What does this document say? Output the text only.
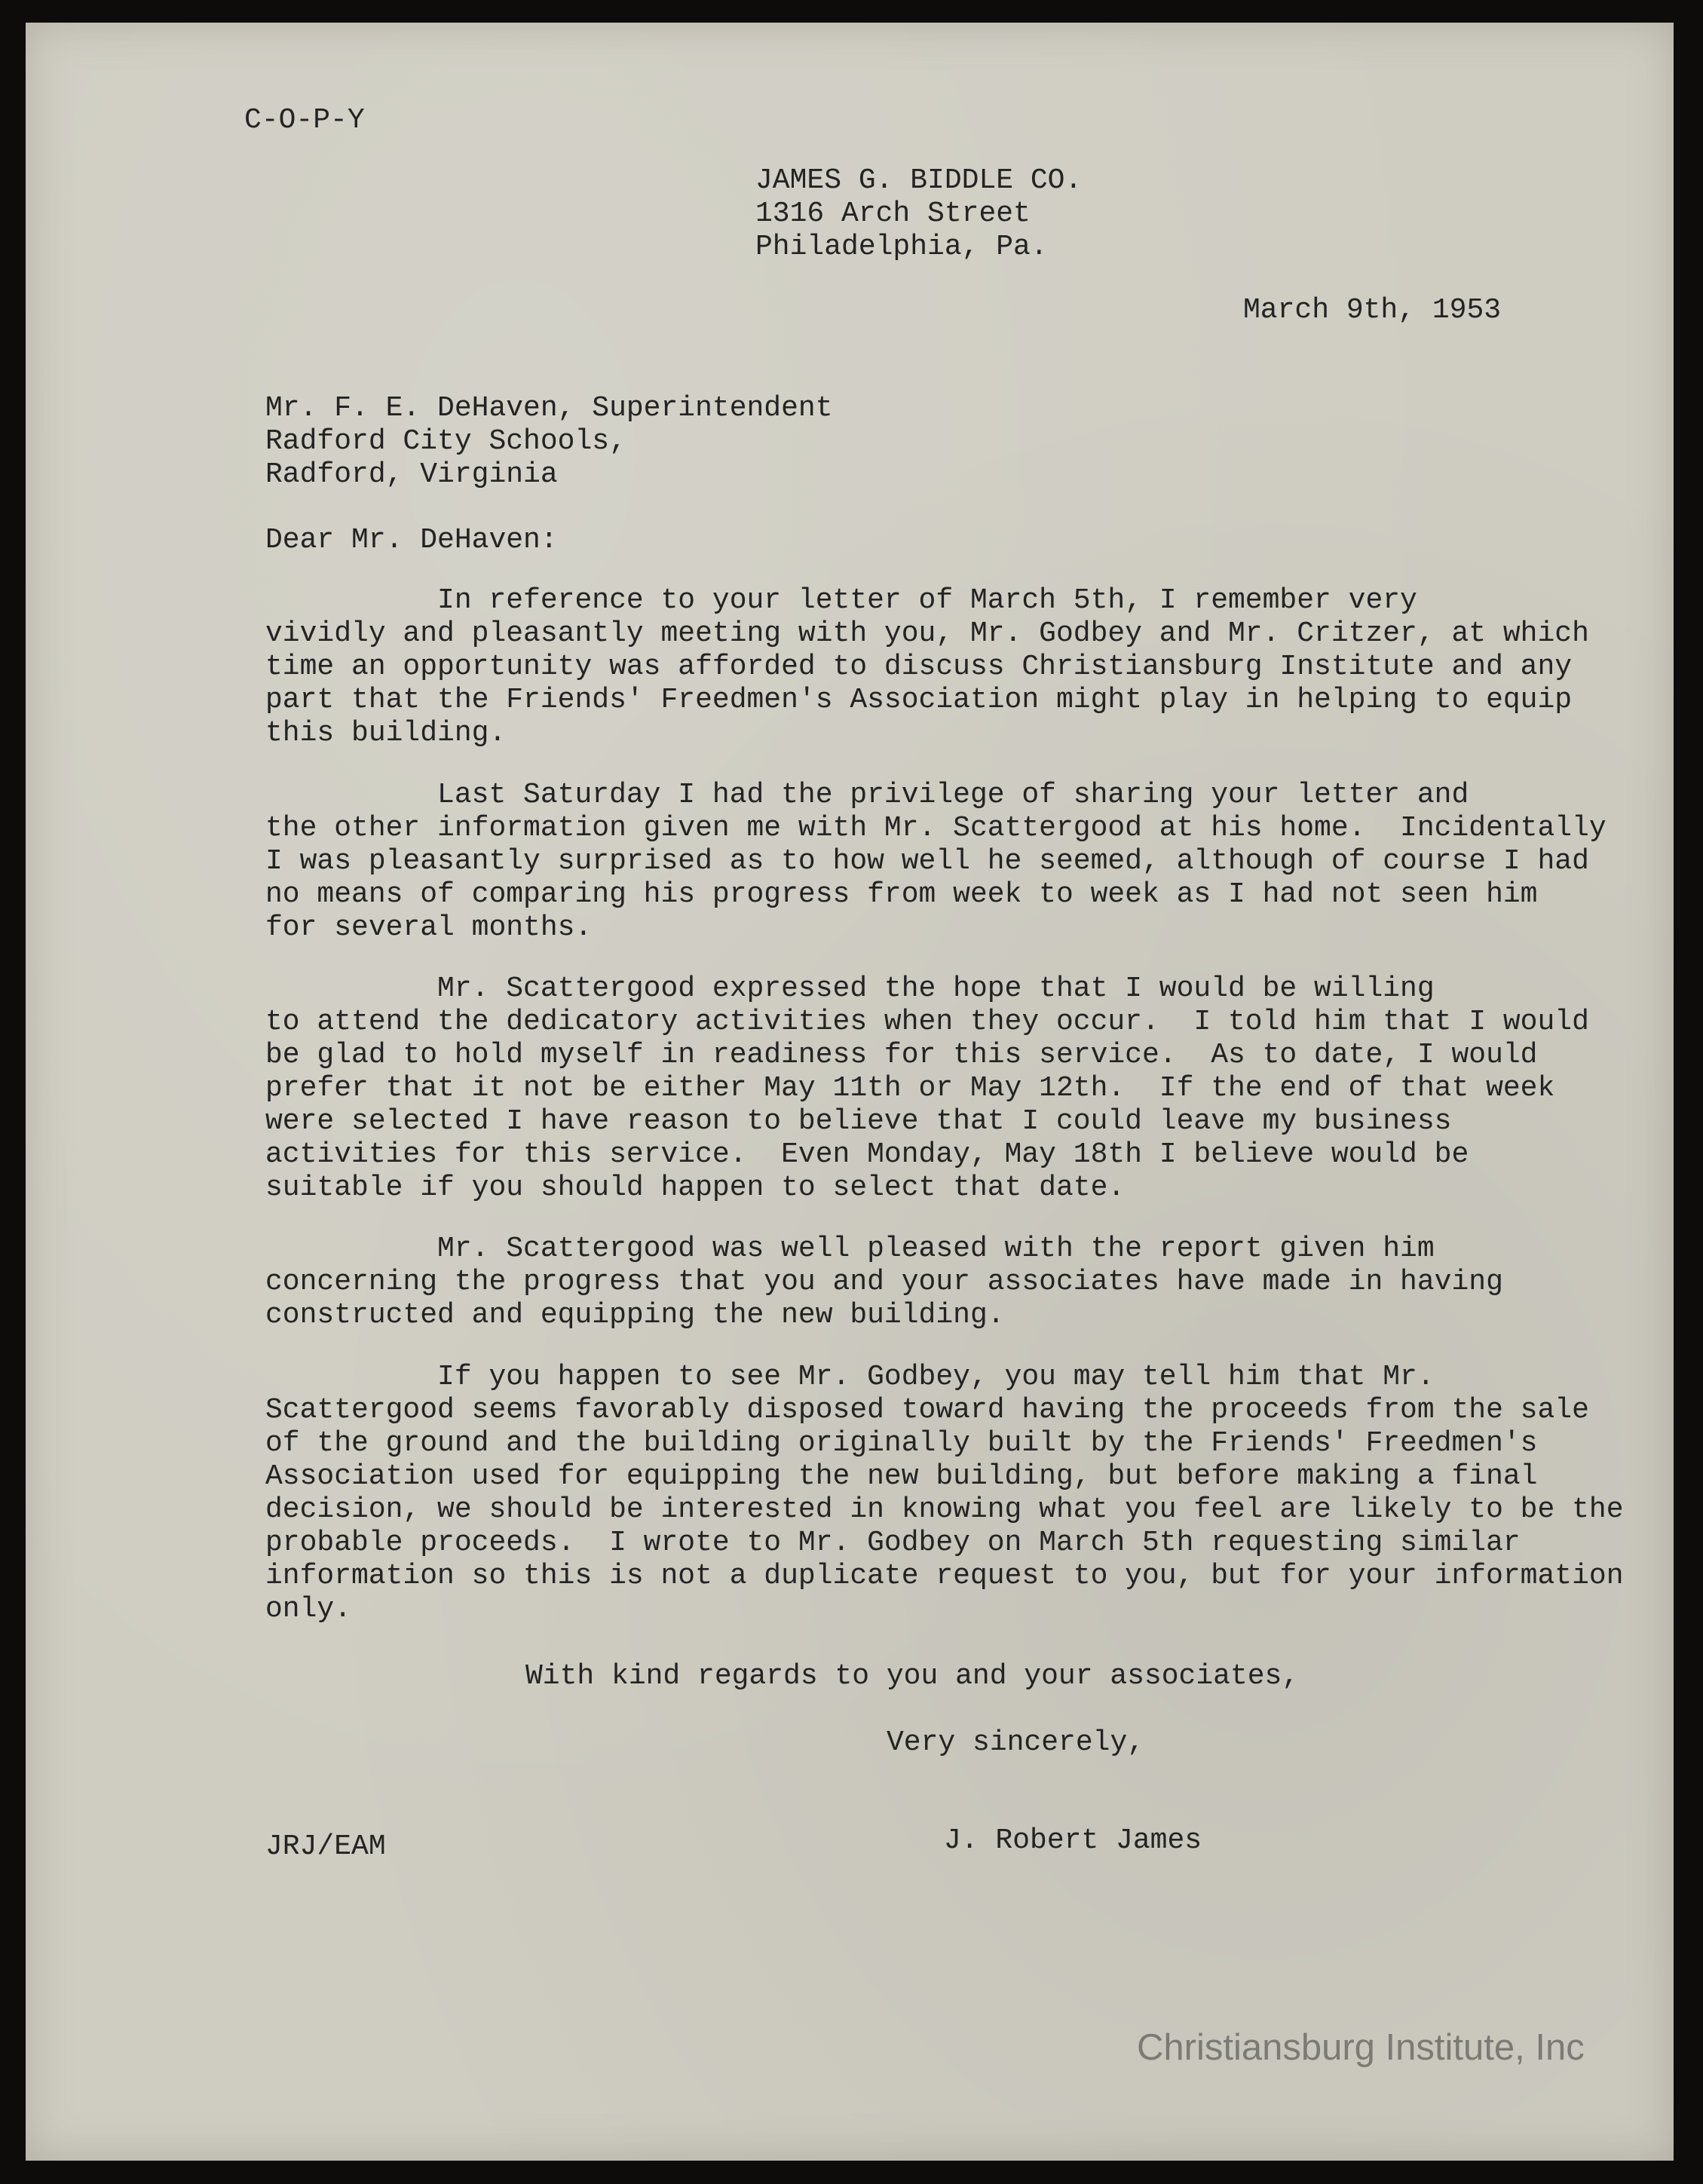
C-O-P-Y

JAMES G. BIDDLE CO.
1316 Arch Street
Philadelphia, Pa.

March 9th, 1953

Mr. F. E. DeHaven, Superintendent
Radford City Schools,
Radford, Virginia

Dear Mr. DeHaven:

In reference to your letter of March 5th, I remember very
vividly and pleasantly meeting with you, Mr. Godbey and Mr. Critzer, at which
time an opportunity was afforded to discuss Christiansburg Institute and any
part that the Friends' Freedmen's Association might play in helping to equip
this building.
Last Saturday I had the privilege of sharing your letter and
the other information given me with Mr. Scattergood at his home.  Incidentally
I was pleasantly surprised as to how well he seemed, although of course I had
no means of comparing his progress from week to week as I had not seen him
for several months.
Mr. Scattergood expressed the hope that I would be willing
to attend the dedicatory activities when they occur.  I told him that I would
be glad to hold myself in readiness for this service.  As to date, I would
prefer that it not be either May 11th or May 12th.  If the end of that week
were selected I have reason to believe that I could leave my business
activities for this service.  Even Monday, May 18th I believe would be
suitable if you should happen to select that date.
Mr. Scattergood was well pleased with the report given him
concerning the progress that you and your associates have made in having
constructed and equipping the new building.
If you happen to see Mr. Godbey, you may tell him that Mr.
Scattergood seems favorably disposed toward having the proceeds from the sale
of the ground and the building originally built by the Friends' Freedmen's
Association used for equipping the new building, but before making a final
decision, we should be interested in knowing what you feel are likely to be the
probable proceeds.  I wrote to Mr. Godbey on March 5th requesting similar
information so this is not a duplicate request to you, but for your information
only.

With kind regards to you and your associates,

Very sincerely,

JRJ/EAM	J. Robert James

Christiansburg Institute, Inc
